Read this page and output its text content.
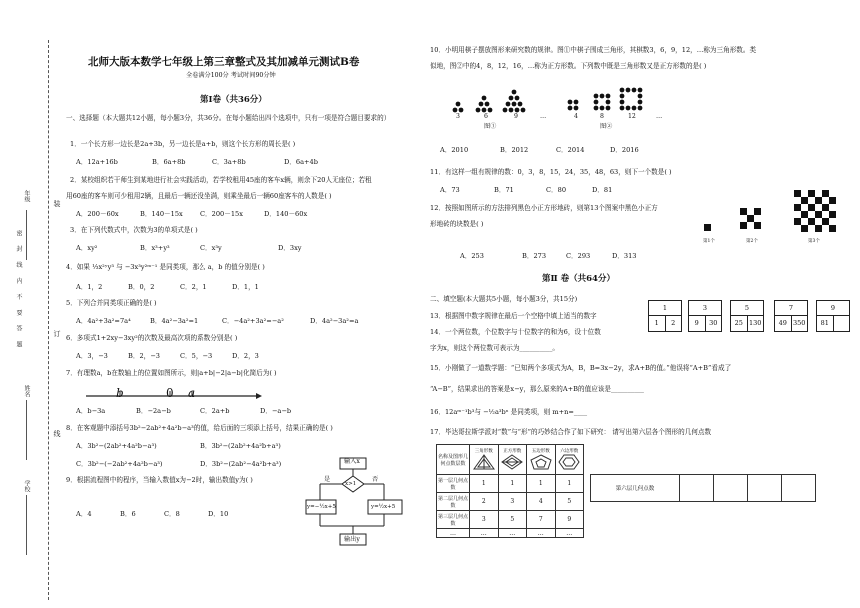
年级
姓名
学校
密 封 线 内 不 要 答 题
装
订
线
北师大版本数学七年级上第三章整式及其加减单元测试B卷
全卷满分100分 考试时间90分钟
第Ⅰ卷（共36分）
一、选择题（本大题共12小题，每小题3分，共36分。在每小题给出四个选项中，只有一项是符合题目要求的）
1．一个长方形一边长是2a+3b，另一边长是a+b，则这个长方形的周长是( )
A．12a+16b	B．6a+8b	C．3a+8b	D．6a+4b
2．某校组织若干师生到某地进行社会实践活动，若学校租用45座的客车x辆，则余下20人无座位；若租
用60座的客车则可少租用2辆，且最后一辆还没坐满，则乘坐最后一辆60座客车的人数是( )
A．200－60x	B．140－15x	C．200－15x	D．140－60x
3．在下列代数式中，次数为3的单项式是( )
A．xy²	B．x³+y³	C．x³y	D．3xy
4．如果 ⅓x²ʸy³ 与 −3x³y²ᵐ⁻¹ 是同类项，那么 a，b 的值分别是( )
A．1，2	B．0，2	C．2，1	D．1，1
5．下列合并同类项正确的是( )
A．4a²+3a²=7a⁴	B．4a²−3a²=1	C．−4a²+3a²=−a²	D．4a²−3a²=a
6．多项式1+2xy−3xy²的次数及最高次项的系数分别是( )
A．3，−3	B．2，−3	C．5，−3	D．2，3
7．有理数a，b在数轴上的位置如图所示，则|a+b|−2|a−b|化简后为( )
b	0 a
A．b−3a	B．−2a−b	C．2a+b	D．−a−b
8．在客观题中添括号3b²−2ab²+4a²b−a³的值，给后面的三项添上括号，结果正确的是( )
A．3b²−(2ab²+4a²b−a³)	B．3b²−(2ab²+4a²b+a³)
C．3b²−(−2ab²+4a²b−a³)	D．3b²−(2ab²−4a²b+a³)
9．根据流程图中的程序，当输入数值x为−2时，输出数值y为( )
A．4	B．6	C．8	D．10
输入x
x>1
是	否
y=−½x+5	y=½x+5
输出y
10．小明用棋子摆放图形来研究数的规律。图①中棋子围成三角形，其棋数3，6，9，12，…称为三角形数。类
似地，图②中的4，8，12，16，…称为正方形数。下列数中既是三角形数又是正方形数的是( )
3	6	9	…	4	8	12	…
图①	图②
A．2010	B．2012	C．2014	D．2016
11．有这样一组有规律的数：0，3，8，15，24，35，48，63，则下一个数是( )
A．73	B．71	C．80	D．81
12．按照如图所示的方法排列黑色小正方形地砖，则第13个图案中黑色小正方
形地砖的块数是( )
第1个	第2个	第3个
A．253	B．273	C．293	D．313
第Ⅱ 卷（共64分）
二、填空题(本大题共5小题，每小题3分，共15分)
13．根据图中数字规律在最后一个空格中填上适当的数字
1
1	2
3
9	30
5
25 130
7
49 350
9
81
14．一个两位数，个位数字与十位数字的和为6，设十位数
字为x，则这个两位数可表示为__________。
15．小刚做了一道数学题：“已知两个多项式为A，B，B=3x−2y，求A+B的值。”他误将“A+B”看成了
“A−B”，结果求出的答案是x−y，那么原来的A+B的值应该是__________
16．12aᵐ⁻¹b³与 −½a³bⁿ 是同类项，则 m+n=____
17．毕达哥拉斯学派对“数”与“形”的巧妙结合作了如下研究： 请写出第六层各个图形的几何点数
名称及图形几何点数层数	三角形数	正方形数	五边形数	六边形数

第一层几何点数	1	1	1	1
第二层几何点数	2	3	4	5
第三层几何点数	3	5	7	9
…	…	…	…	…
第六层几何点数				
